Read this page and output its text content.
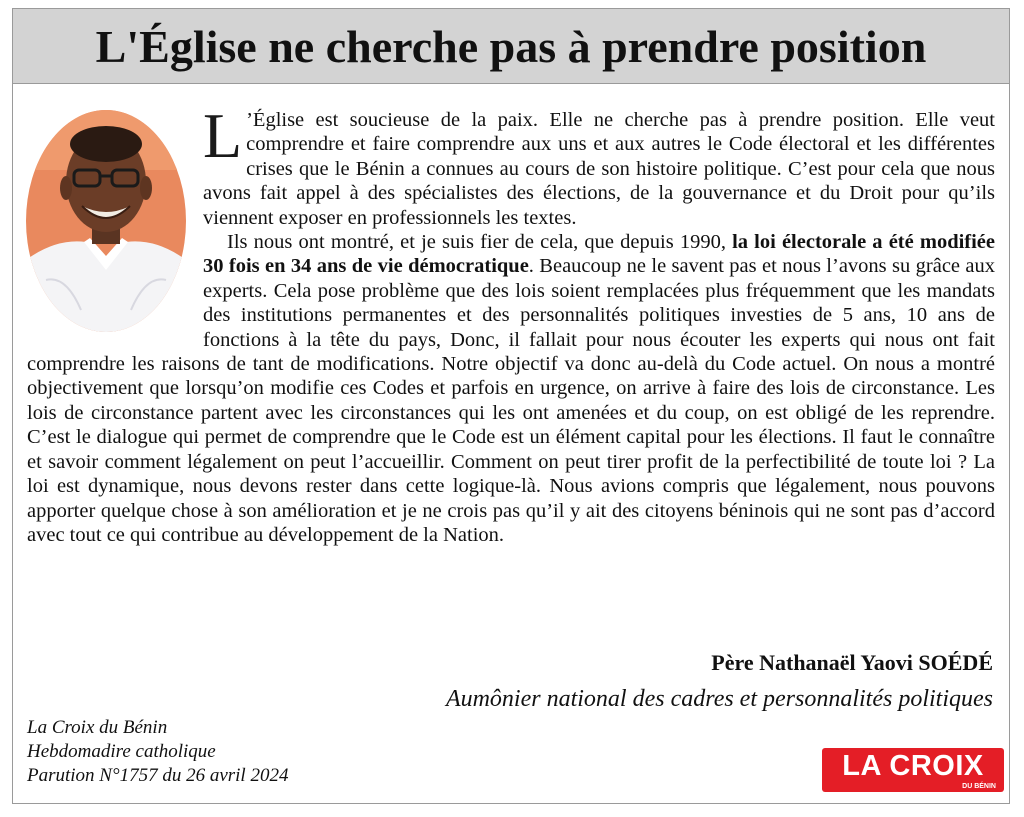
L'Église ne cherche pas à prendre position

L ’Église est soucieuse de la paix. Elle ne cherche pas à prendre position. Elle veut comprendre et faire comprendre aux uns et aux autres le Code électoral et les différentes crises que le Bénin a connues au cours de son histoire politique. C’est pour cela que nous avons fait appel à des spécialistes des élections, de la gouvernance et du Droit pour qu’ils viennent exposer en professionnels les textes.

Ils nous ont montré, et je suis fier de cela, que depuis 1990, la loi électorale a été modifiée 30 fois en 34 ans de vie démocratique. Beaucoup ne le savent pas et nous l’avons su grâce aux experts. Cela pose problème que des lois soient remplacées plus fréquemment que les mandats des institutions permanentes et des personnalités politiques investies de 5 ans, 10 ans de fonctions à la tête du pays, Donc, il fallait pour nous écouter les experts qui nous ont fait comprendre les raisons de tant de modifications. Notre objectif va donc au-delà du Code actuel. On nous a montré objectivement que lorsqu’on modifie ces Codes et parfois en urgence, on arrive à faire des lois de circonstance. Les lois de circonstance partent avec les circonstances qui les ont amenées et du coup, on est obligé de les reprendre. C’est le dialogue qui permet de comprendre que le Code est un élément capital pour les élections. Il faut le connaître et savoir comment légalement on peut l’accueillir. Comment on peut tirer profit de la perfectibilité de toute loi ? La loi est dynamique, nous devons rester dans cette logique-là. Nous avions compris que légalement, nous pouvons apporter quelque chose à son amélioration et je ne crois pas qu’il y ait des citoyens béninois qui ne sont pas d’accord avec tout ce qui contribue au développement de la Nation.

Père Nathanaël Yaovi SOÉDÉ
Aumônier national des cadres et personnalités politiques
La Croix du Bénin
Hebdomadire catholique
Parution N°1757 du 26 avril 2024	LA CROIX
DU BÉNIN
